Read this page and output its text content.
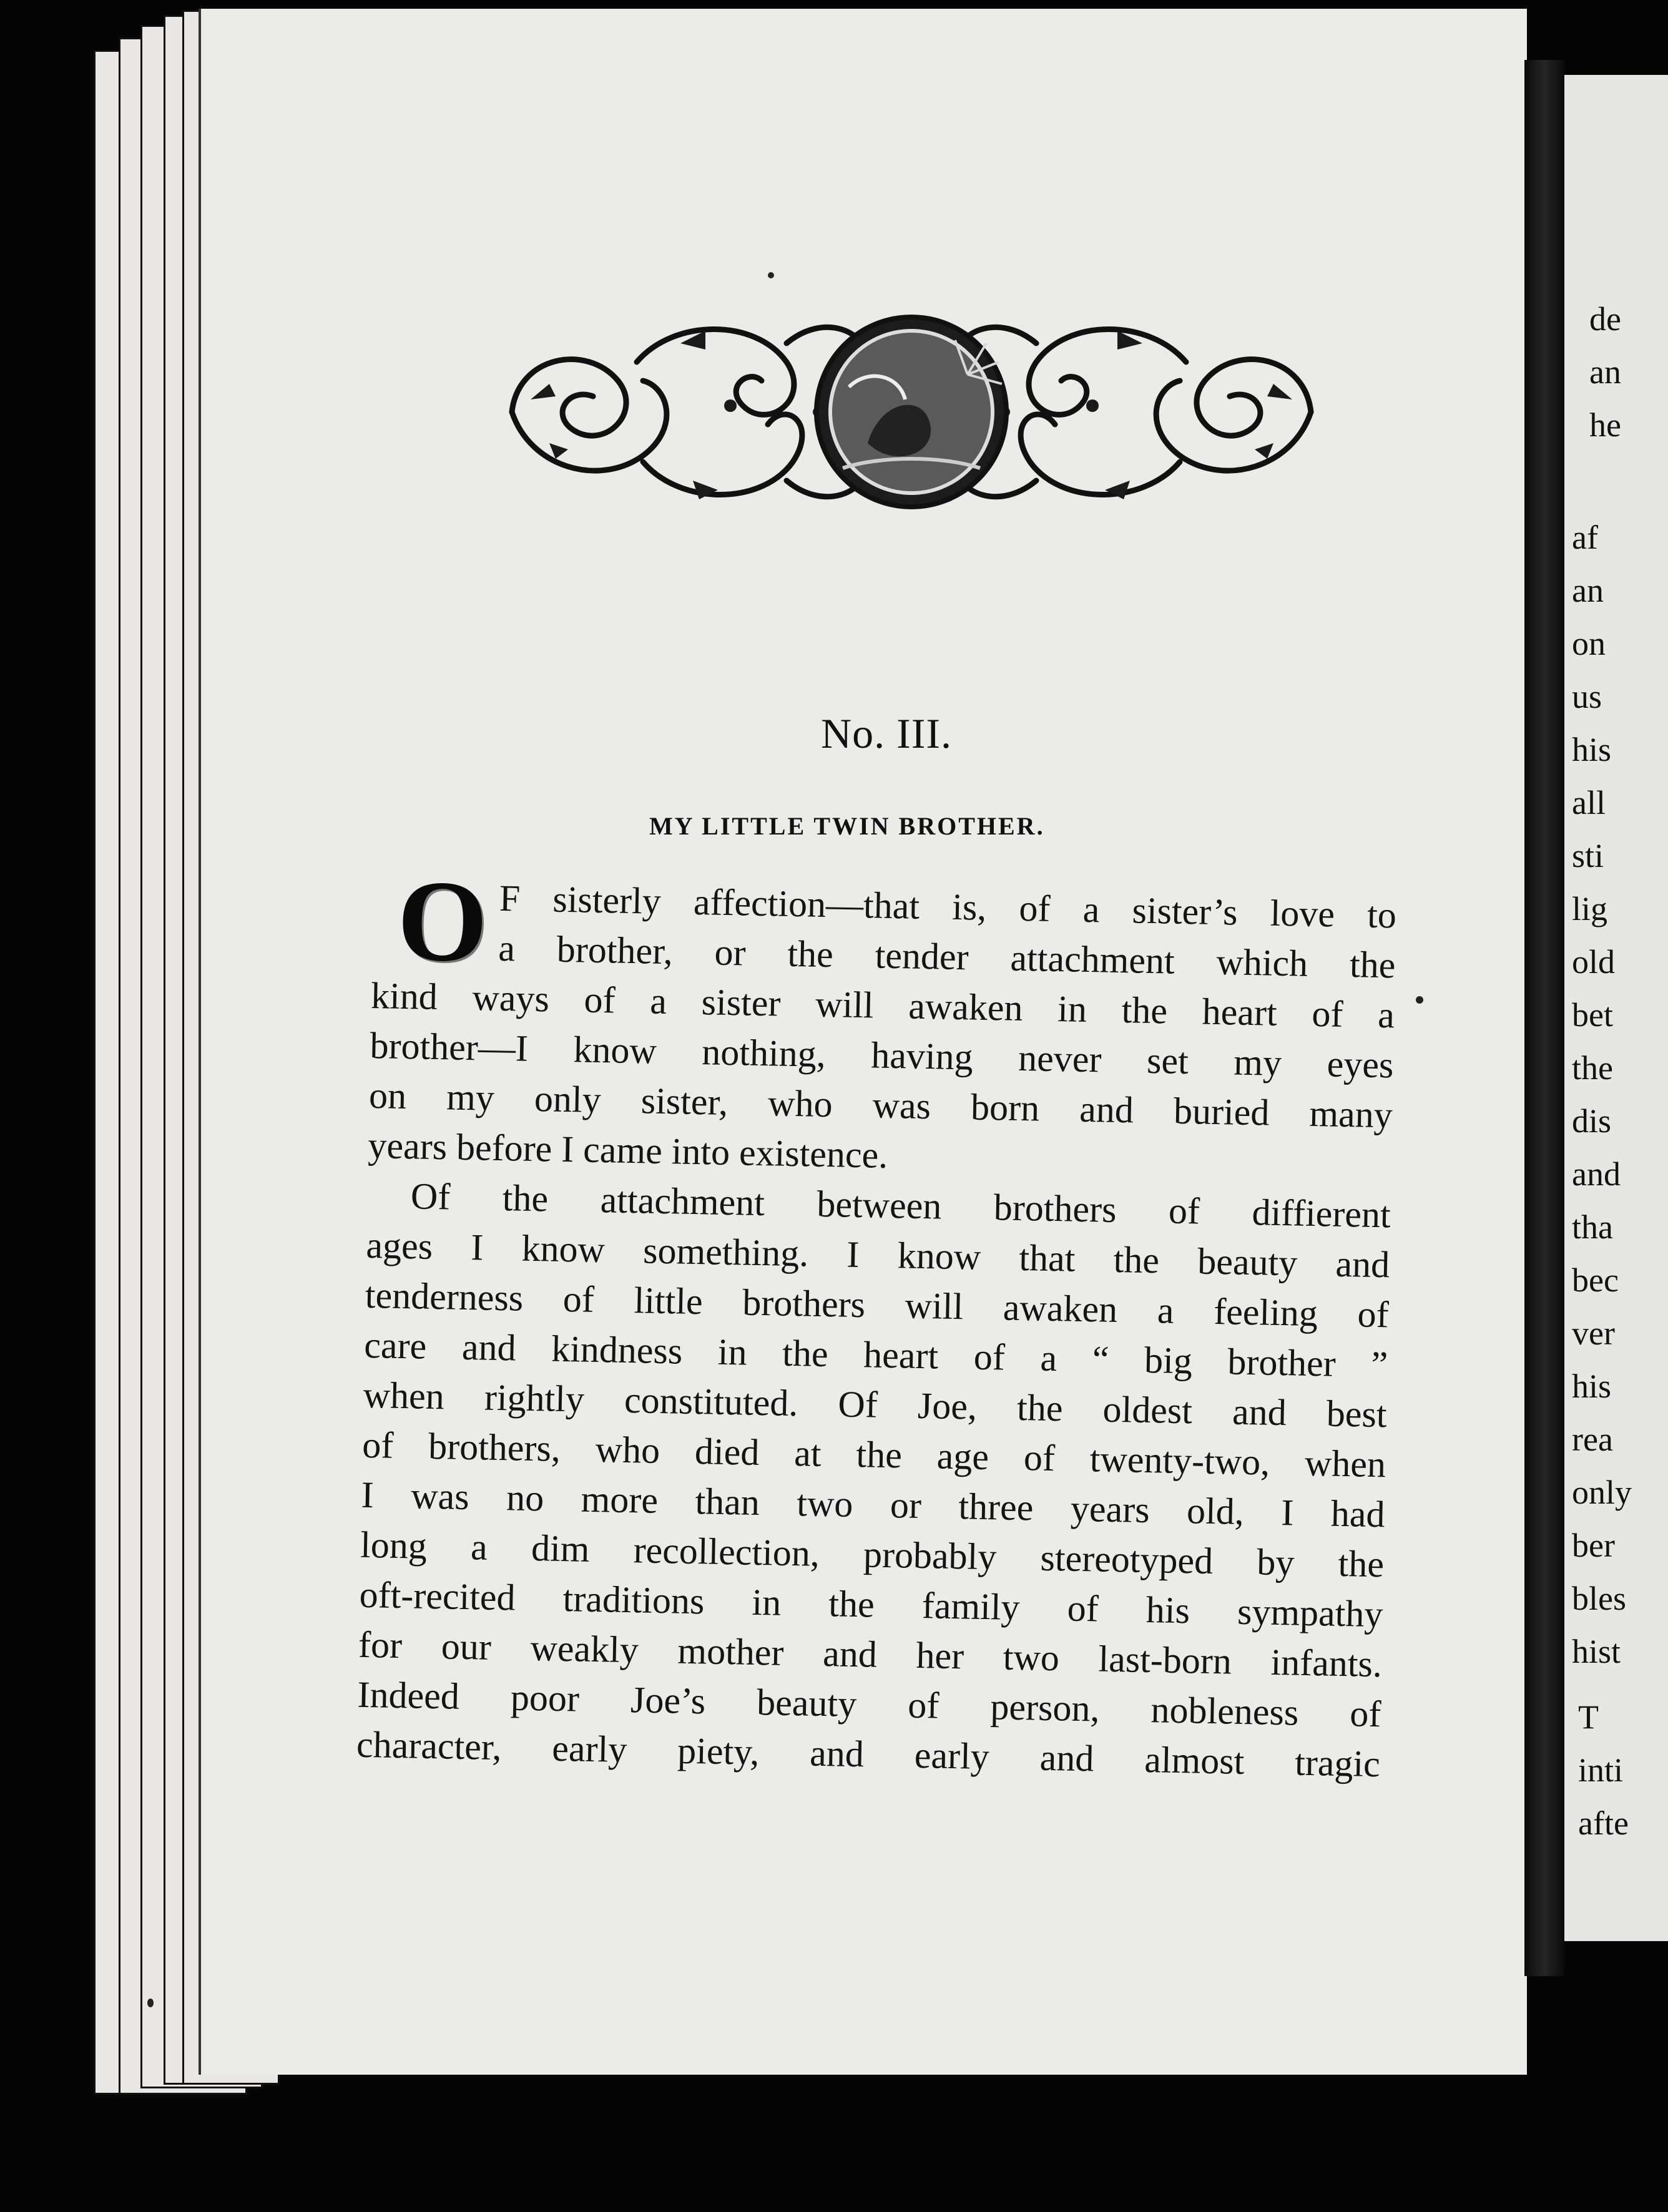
de
an
he
af
an
on
us
his
all
sti
lig
old
bet
the
dis
and
tha
bec
ver
his
rea
only
ber
bles
hist
T
inti
afte
No. III.
MY LITTLE TWIN BROTHER.
O F sisterly affection—that is, of a sister’s love to
a brother, or the tender attachment which the
kind ways of a sister will awaken in the heart of a
brother—I know nothing, having never set my eyes
on my only sister, who was born and buried many
years before I came into existence.
Of the attachment between brothers of diffierent
ages I know something. I know that the beauty and
tenderness of little brothers will awaken a feeling of
care and kindness in the heart of a “ big brother ”
when rightly constituted. Of Joe, the oldest and best
of brothers, who died at the age of twenty-two, when
I was no more than two or three years old, I had
long a dim recollection, probably stereotyped by the
oft-recited traditions in the family of his sympathy
for our weakly mother and her two last-born infants.
Indeed poor Joe’s beauty of person, nobleness of
character, early piety, and early and almost tragic
